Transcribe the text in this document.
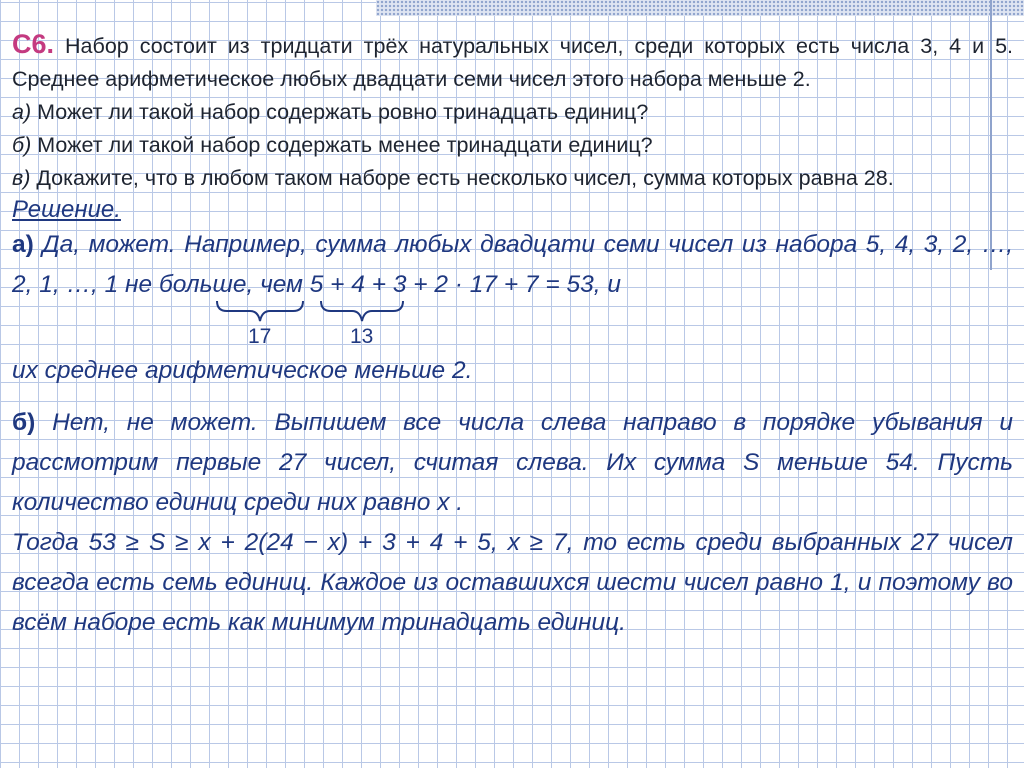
С6. Набор состоит из тридцати трёх натуральных чисел, среди которых есть числа 3, 4 и 5. Среднее арифметическое любых двадцати семи чисел этого набора меньше 2.

а) Может ли такой набор содержать ровно тринадцать единиц?

б) Может ли такой набор содержать менее тринадцати единиц?

в) Докажите, что в любом таком наборе есть несколько чисел, сумма которых равна 28.

Решение.

а) Да, может. Например, сумма любых двадцати семи чисел из набора 5, 4, 3, 2, …, 2, 1, …, 1 не больше, чем 5 + 4 + 3 + 2 · 17 + 7 = 53, и

17	13

их среднее арифметическое меньше 2.

б) Нет, не может. Выпишем все числа слева направо в порядке убывания и рассмотрим первые 27 чисел, считая слева. Их сумма S меньше 54. Пусть количество единиц среди них равно x .

Тогда 53 ≥ S ≥ x + 2(24 − x) + 3 + 4 + 5, x ≥ 7, то есть среди выбранных 27 чисел всегда есть семь единиц. Каждое из оставшихся шести чисел равно 1, и поэтому во всём наборе есть как минимум тринадцать единиц.
